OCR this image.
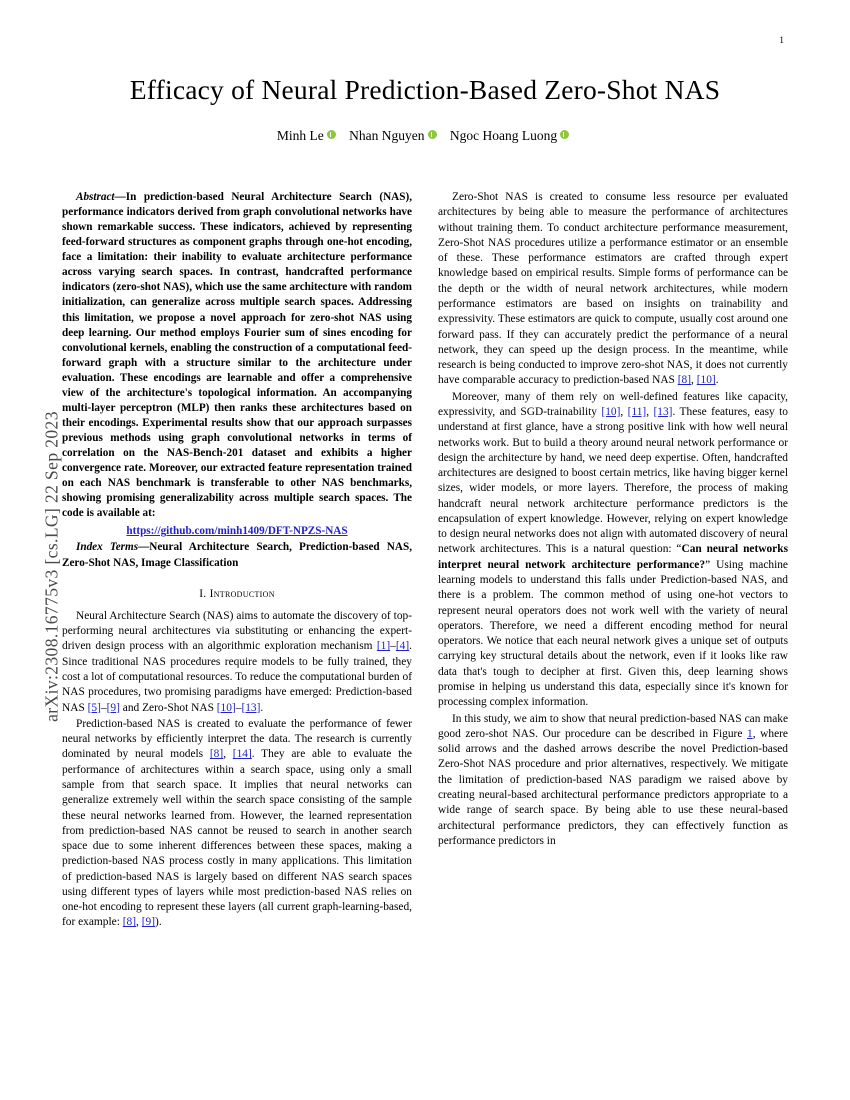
arXiv:2308.16775v3 [cs.LG] 22 Sep 2023
1
Efficacy of Neural Prediction-Based Zero-Shot NAS
Minh Le Nhan Nguyen Ngoc Hoang Luong

Abstract—In prediction-based Neural Architecture Search (NAS), performance indicators derived from graph convolutional networks have shown remarkable success. These indicators, achieved by representing feed-forward structures as component graphs through one-hot encoding, face a limitation: their inability to evaluate architecture performance across varying search spaces. In contrast, handcrafted performance indicators (zero-shot NAS), which use the same architecture with random initialization, can generalize across multiple search spaces. Addressing this limitation, we propose a novel approach for zero-shot NAS using deep learning. Our method employs Fourier sum of sines encoding for convolutional kernels, enabling the construction of a computational feed-forward graph with a structure similar to the architecture under evaluation. These encodings are learnable and offer a comprehensive view of the architecture's topological information. An accompanying multi-layer perceptron (MLP) then ranks these architectures based on their encodings. Experimental results show that our approach surpasses previous methods using graph convolutional networks in terms of correlation on the NAS-Bench-201 dataset and exhibits a higher convergence rate. Moreover, our extracted feature representation trained on each NAS benchmark is transferable to other NAS benchmarks, showing promising generalizability across multiple search spaces. The code is available at:

https://github.com/minh1409/DFT-NPZS-NAS

Index Terms—Neural Architecture Search, Prediction-based NAS, Zero-Shot NAS, Image Classification

I. Introduction

Neural Architecture Search (NAS) aims to automate the discovery of top-performing neural architectures via substituting or enhancing the expert-driven design process with an algorithmic exploration mechanism [1]–[4]. Since traditional NAS procedures require models to be fully trained, they cost a lot of computational resources. To reduce the computational burden of NAS procedures, two promising paradigms have emerged: Prediction-based NAS [5]–[9] and Zero-Shot NAS [10]–[13].

Prediction-based NAS is created to evaluate the performance of fewer neural networks by efficiently interpret the data. The research is currently dominated by neural models [8], [14]. They are able to evaluate the performance of architectures within a search space, using only a small sample from that search space. It implies that neural networks can generalize extremely well within the search space consisting of the sample these neural networks learned from. However, the learned representation from prediction-based NAS cannot be reused to search in another search space due to some inherent differences between these spaces, making a prediction-based NAS process costly in many applications. This limitation of prediction-based NAS is largely based on different NAS search spaces using different types of layers while most prediction-based NAS relies on one-hot encoding to represent these layers (all current graph-learning-based, for example: [8], [9]).

Zero-Shot NAS is created to consume less resource per evaluated architectures by being able to measure the performance of architectures without training them. To conduct architecture performance measurement, Zero-Shot NAS procedures utilize a performance estimator or an ensemble of these. These performance estimators are crafted through expert knowledge based on empirical results. Simple forms of performance can be the depth or the width of neural network architectures, while modern performance estimators are based on insights on trainability and expressivity. These estimators are quick to compute, usually cost around one forward pass. If they can accurately predict the performance of a neural network, they can speed up the design process. In the meantime, while research is being conducted to improve zero-shot NAS, it does not currently have comparable accuracy to prediction-based NAS [8], [10].

Moreover, many of them rely on well-defined features like capacity, expressivity, and SGD-trainability [10], [11], [13]. These features, easy to understand at first glance, have a strong positive link with how well neural networks work. But to build a theory around neural network performance or design the architecture by hand, we need deep expertise. Often, handcrafted architectures are designed to boost certain metrics, like having bigger kernel sizes, wider models, or more layers. Therefore, the process of making handcraft neural network architecture performance predictors is the encapsulation of expert knowledge. However, relying on expert knowledge to design neural networks does not align with automated discovery of neural network architectures. This is a natural question: “Can neural networks interpret neural network architecture performance?” Using machine learning models to understand this falls under Prediction-based NAS, and there is a problem. The common method of using one-hot vectors to represent neural operators does not work well with the variety of neural operators. Therefore, we need a different encoding method for neural operators. We notice that each neural network gives a unique set of outputs carrying key structural details about the network, even if it looks like raw data that's tough to decipher at first. Given this, deep learning shows promise in helping us understand this data, especially since it's known for processing complex information.

In this study, we aim to show that neural prediction-based NAS can make good zero-shot NAS. Our procedure can be described in Figure 1, where solid arrows and the dashed arrows describe the novel Prediction-based Zero-Shot NAS procedure and prior alternatives, respectively. We mitigate the limitation of prediction-based NAS paradigm we raised above by creating neural-based architectural performance predictors appropriate to a wide range of search space. By being able to use these neural-based architectural performance predictors, they can effectively function as performance predictors in
